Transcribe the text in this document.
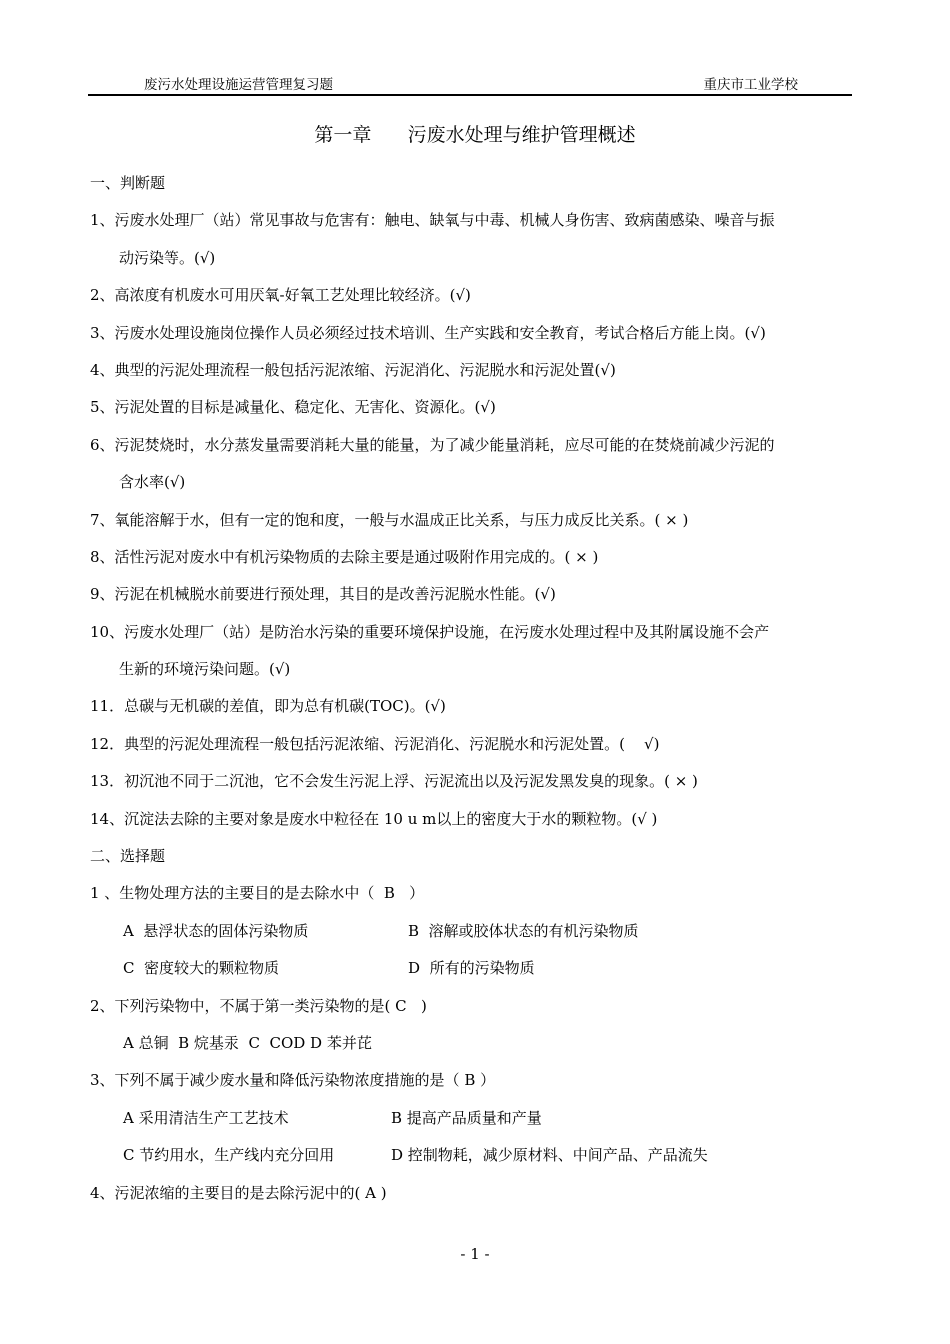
废污水处理设施运营管理复习题	重庆市工业学校
第一章      污废水处理与维护管理概述
一、判断题
1、污废水处理厂（站）常见事故与危害有：触电、缺氧与中毒、机械人身伤害、致病菌感染、噪音与振
动污染等。(√)
2、高浓度有机废水可用厌氧-好氧工艺处理比较经济。(√)
3、污废水处理设施岗位操作人员必须经过技术培训、生产实践和安全教育，考试合格后方能上岗。(√)
4、典型的污泥处理流程一般包括污泥浓缩、污泥消化、污泥脱水和污泥处置(√)
5、污泥处置的目标是减量化、稳定化、无害化、资源化。(√)
6、污泥焚烧时，水分蒸发量需要消耗大量的能量，为了减少能量消耗，应尽可能的在焚烧前减少污泥的
含水率(√)
7、氧能溶解于水，但有一定的饱和度，一般与水温成正比关系，与压力成反比关系。( × )
8、活性污泥对废水中有机污染物质的去除主要是通过吸附作用完成的。( × )
9、污泥在机械脱水前要进行预处理，其目的是改善污泥脱水性能。(√)
10、污废水处理厂（站）是防治水污染的重要环境保护设施，在污废水处理过程中及其附属设施不会产
生新的环境污染问题。(√)
11．总碳与无机碳的差值，即为总有机碳(TOC)。(√)
12．典型的污泥处理流程一般包括污泥浓缩、污泥消化、污泥脱水和污泥处置。(    √)
13．初沉池不同于二沉池，它不会发生污泥上浮、污泥流出以及污泥发黑发臭的现象。( × )
14、沉淀法去除的主要对象是废水中粒径在 10 u m以上的密度大于水的颗粒物。(√ )
二、选择题
1 、生物处理方法的主要目的是去除水中（  B   ）

A  悬浮状态的固体污染物质

	B  溶解或胶体状态的有机污染物质

C  密度较大的颗粒物质

	D  所有的污染物质

2、下列污染物中，不属于第一类污染物的是( C   )
A 总铜  B 烷基汞  C  COD D 苯并芘
3、下列不属于减少废水量和降低污染物浓度措施的是（ B ）

A 采用清洁生产工艺技术

	B 提高产品质量和产量

C 节约用水，生产线内充分回用

	D 控制物耗，减少原材料、中间产品、产品流失

4、污泥浓缩的主要目的是去除污泥中的( A )
- 1 -
